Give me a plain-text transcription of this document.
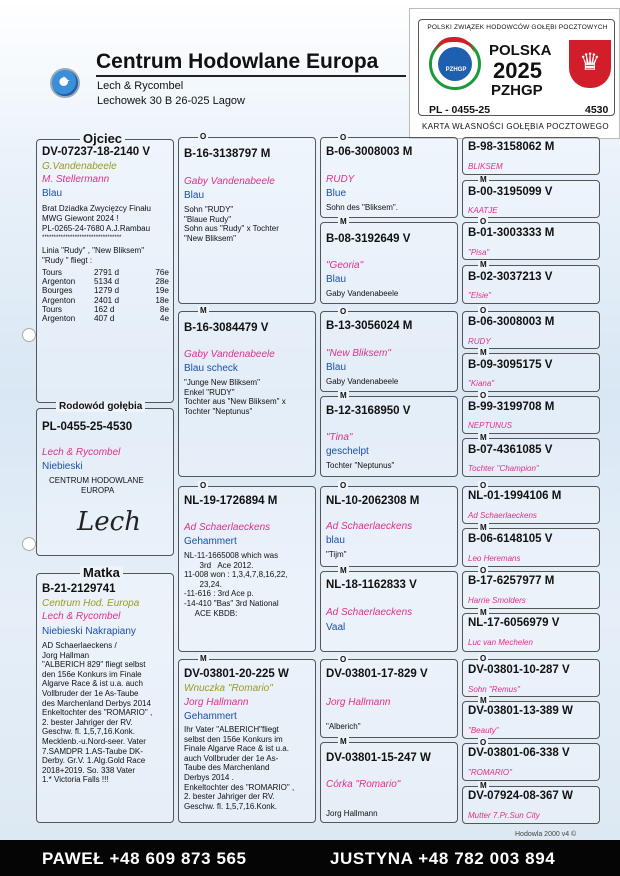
✈
Centrum Hodowlane Europa
Lech & Rycombel
Lechowek 30 B 26-025 Lagow
POLSKI ZWIĄZEK HODOWCÓW GOŁĘBI POCZTOWYCH
PZHGP
POLSKA
2025
PZHGP
♛
PL - 0455-25	4530
KARTA WŁASNOŚCI GOŁĘBIA POCZTOWEGO
DV-07237-18-2140 V
G.Vandenabeele
M. Stellermann
Blau
Brat Dziadka Zwycięzcy Finału
MWG Giewont 2024 !
PL-0265-24-7680 A.J.Rambau
**********************************
Linia "Rudy" , "New Bliksem"
"Rudy " fliegt :
Tours	2791 d	76e
Argenton	5134 d	28e
Bourges	1279 d	19e
Argenton	2401 d	18e
Tours	162 d	8e
Argenton	407 d	4e
Ojciec
PL-0455-25-4530
Lech & Rycombel
Niebieski
CENTRUM HODOWLANE
EUROPA
Lech
Rodowód gołębia
B-21-2129741
Centrum Hod. Europa
Lech & Rycombel
Niebieski Nakrapiany
AD Schaerlaeckens /
Jorg Hallman
"ALBERICH 829" fliegt selbst
den 156e Konkurs im Finale
Algarve Race & ist u.a. auch
Vollbruder der 1e As-Taube
des Marchenland Derbys 2014
Enkeltochter des "ROMARIO" ,
2. bester Jahriger der RV.
Geschw. fl. 1,5,7,16.Konk.
Mecklenb.-u.Nord-seer. Vater
7.SAMDPR 1.AS-Taube DK-
Derby. Gr.V. 1.Alg.Gold Race
2018+2019. So. 338 Vater
1.* Victoria Falls !!!
Matka
B-16-3138797 M
Gaby Vandenabeele
Blau
Sohn "RUDY"
"Blaue Rudy"
Sohn aus "Rudy" x Tochter
"New Bliksem"
O
B-16-3084479 V
Gaby Vandenabeele
Blau scheck
"Junge New Bliksem"
Enkel "RUDY"
Tochter aus "New Bliksem" x
Tochter "Neptunus"
M
NL-19-1726894 M
Ad Schaerlaeckens
Gehammert
NL-11-1665008 which was
3rd   Ace 2012.
11-008 won : 1,3,4,7,8,16,22,
23,24.
-11-616 : 3rd Ace p.
-14-410 "Bas" 3rd National
ACE KBDB:
O
DV-03801-20-225 W
Wnuczka "Romario"
Jorg Hallmann
Gehammert
Ihr Vater "ALBERICH"fliegt
selbst den 156e Konkurs im
Finale Algarve Race & ist u.a.
auch Vollbruder der 1e As-
Taube des Marchenland
Derbys 2014 .
Enkeltochter des "ROMARIO" ,
2. bester Jahriger der RV.
Geschw. fl. 1,5,7,16.Konk.
M
B-06-3008003 M
RUDY
Blue
Sohn des "Bliksem".
O
B-08-3192649 V
"Georia"
Blau
Gaby Vandenabeele
M
B-13-3056024 M
"New Bliksem"
Blau
Gaby Vandenabeele
O
B-12-3168950 V
"Tina"
geschelpt
Tochter "Neptunus"
M
NL-10-2062308 M
Ad Schaerlaeckens
blau
"Tijm"
O
NL-18-1162833 V
Ad Schaerlaeckens
Vaal
M
DV-03801-17-829 V
Jorg Hallmann
"Alberich"
O
DV-03801-15-247 W
Córka "Romario"
Jorg Hallmann
M
B-98-3158062 M
BLIKSEM
B-00-3195099 V
KAATJE
M
B-01-3003333 M
"Pisa"
O
B-02-3037213 V
"Elsie"
M
B-06-3008003 M
RUDY
O
B-09-3095175 V
"Kiana"
M
B-99-3199708 M
NEPTUNUS
O
B-07-4361085 V
Tochter "Champion"
M
NL-01-1994106 M
Ad Schaerlaeckens
O
B-06-6148105 V
Leo Heremans
M
B-17-6257977 M
Harrie Smolders
O
NL-17-6056979 V
Luc van Mechelen
M
DV-03801-10-287 V
Sohn "Remus"
O
DV-03801-13-389 W
"Beauty"
M
DV-03801-06-338 V
"ROMARIO"
O
DV-07924-08-367 W
Mutter 7.Pr.Sun City
M
Hodowla 2000 v4 ©
PAWEŁ +48 609 873 565	JUSTYNA +48 782 003 894
